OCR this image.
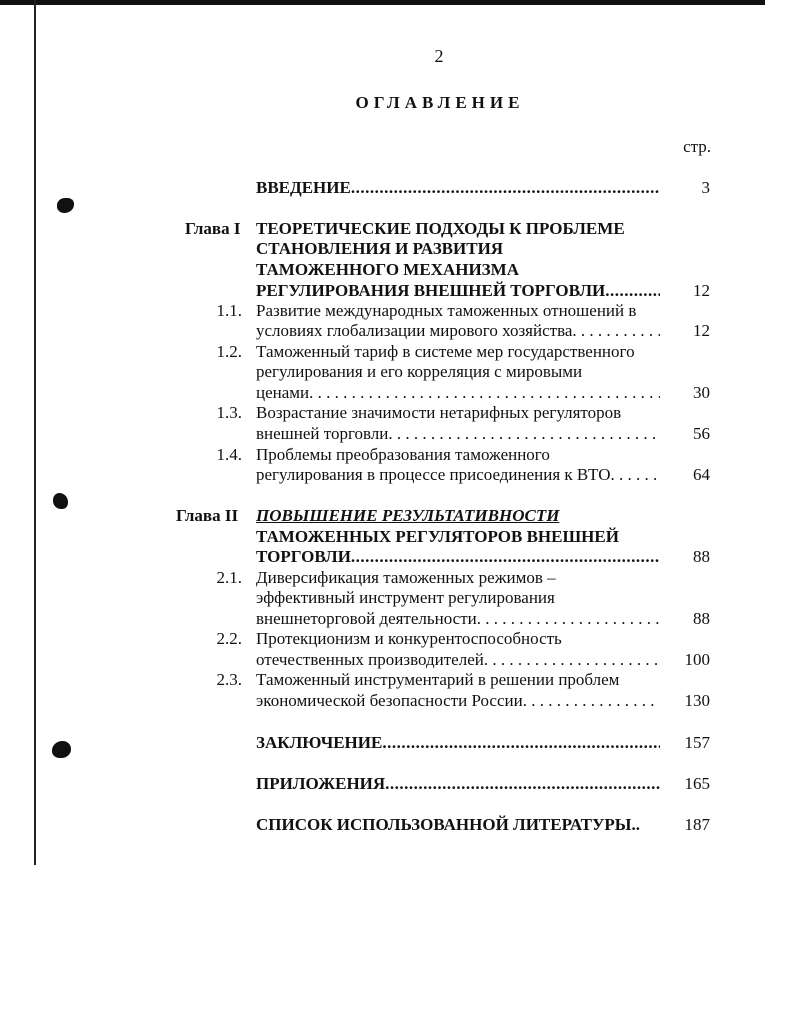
2
ОГЛАВЛЕНИЕ
стр.
ВВЕДЕНИЕ .....	3
Глава I ТЕОРЕТИЧЕСКИЕ ПОДХОДЫ К ПРОБЛЕМЕ
СТАНОВЛЕНИЯ И РАЗВИТИЯ
ТАМОЖЕННОГО МЕХАНИЗМА
РЕГУЛИРОВАНИЯ ВНЕШНЕЙ ТОРГОВЛИ .....	12
1.1. Развитие международных таможенных отношений в
условиях глобализации мирового хозяйства . . .	12
1.2. Таможенный тариф в системе мер государственного
регулирования и его корреляция с мировыми
ценами . . .	30
1.3. Возрастание значимости нетарифных регуляторов
внешней торговли . . .	56
1.4. Проблемы преобразования таможенного
регулирования в процессе присоединения к ВТО . . .	64
Глава II ПОВЫШЕНИЕ РЕЗУЛЬТАТИВНОСТИ
ТАМОЖЕННЫХ РЕГУЛЯТОРОВ ВНЕШНЕЙ
ТОРГОВЛИ .....	88
2.1. Диверсификация таможенных режимов –
эффективный инструмент регулирования
внешнеторговой деятельности . . .	88
2.2. Протекционизм и конкурентоспособность
отечественных производителей . . .	100
2.3. Таможенный инструментарий в решении проблем
экономической безопасности России . . .	130
ЗАКЛЮЧЕНИЕ .....	157
ПРИЛОЖЕНИЯ .....	165
СПИСОК ИСПОЛЬЗОВАННОЙ ЛИТЕРАТУРЫ..	187
